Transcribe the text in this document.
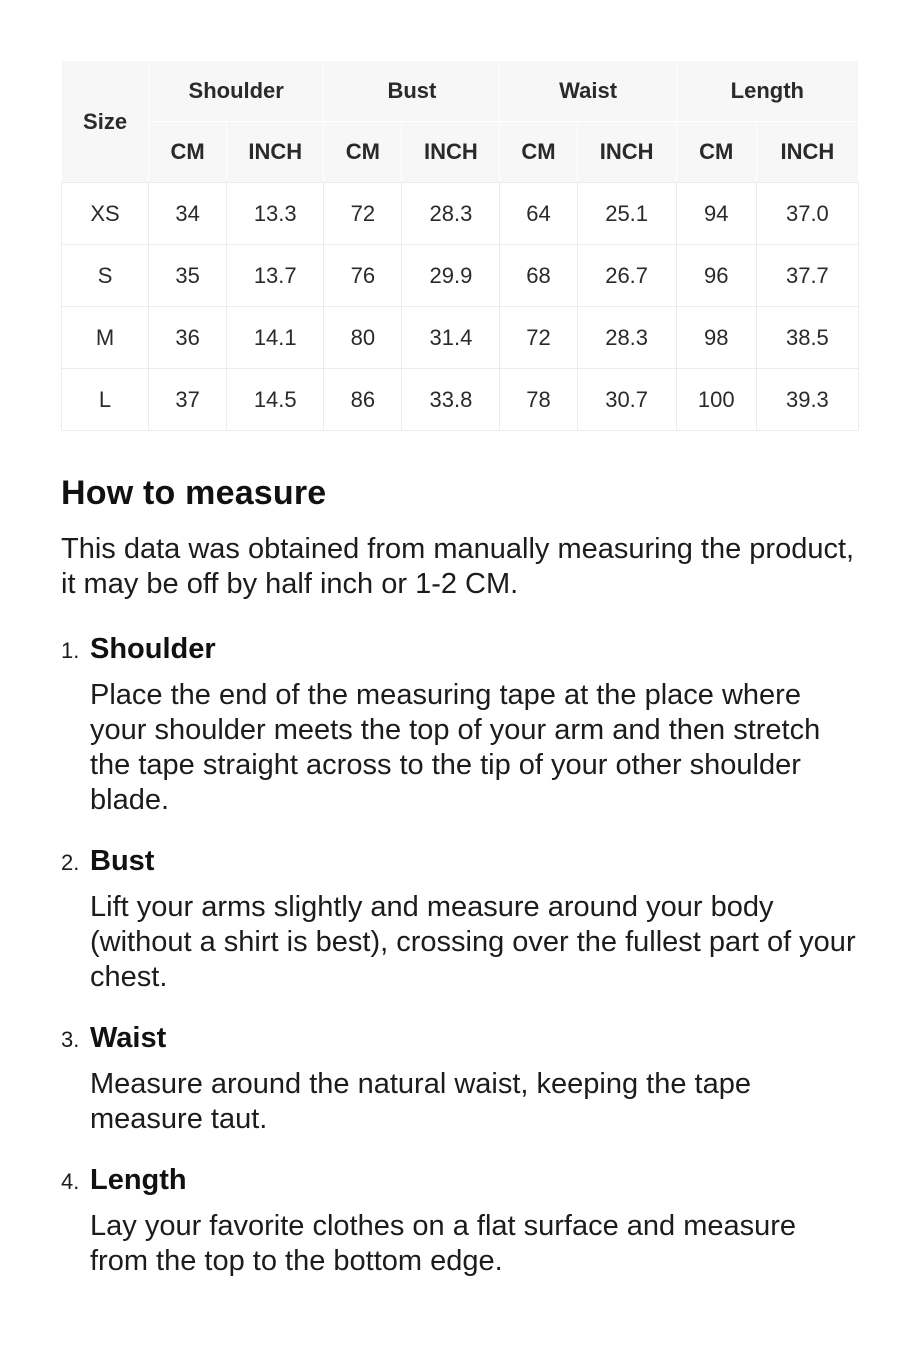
Size	Shoulder		Bust		Waist		Length	
	CM	INCH	CM	INCH	CM	INCH	CM	INCH
XS	34	13.3	72	28.3	64	25.1	94	37.0
S	35	13.7	76	29.9	68	26.7	96	37.7
M	36	14.1	80	31.4	72	28.3	98	38.5
L	37	14.5	86	33.8	78	30.7	100	39.3
How to measure

This data was obtained from manually measuring the product, it may be off by half inch or 1-2 CM.

1. Shoulder

Place the end of the measuring tape at the place where your shoulder meets the top of your arm and then stretch the tape straight across to the tip of your other shoulder blade.

2. Bust

Lift your arms slightly and measure around your body (without a shirt is best), crossing over the fullest part of your chest.

3. Waist

Measure around the natural waist, keeping the tape measure taut.

4. Length

Lay your favorite clothes on a flat surface and measure from the top to the bottom edge.
